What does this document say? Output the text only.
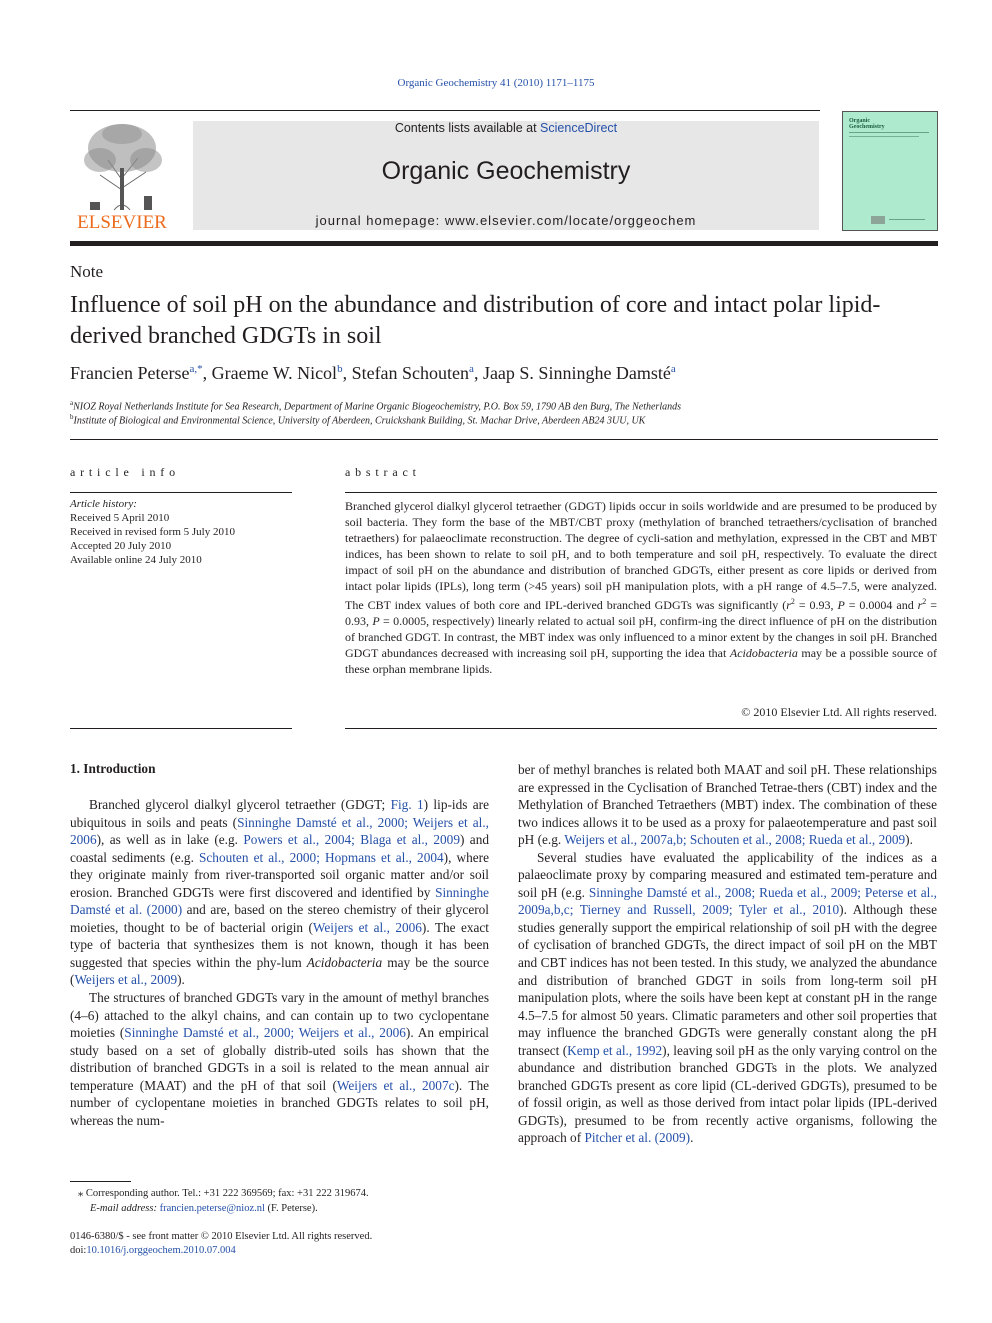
Organic Geochemistry 41 (2010) 1171–1175
ELSEVIER
Contents lists available at ScienceDirect
Organic Geochemistry
journal homepage: www.elsevier.com/locate/orggeochem
Organic
Geochemistry
Note
Influence of soil pH on the abundance and distribution of core and intact polar lipid-derived branched GDGTs in soil
Francien Peterse$^{a,*}$, Graeme W. Nicol$^b$, Stefan Schouten$^a$, Jaap S. Sinninghe Damsté$^a$
$^a$NIOZ Royal Netherlands Institute for Sea Research, Department of Marine Organic Biogeochemistry, P.O. Box 59, 1790 AB den Burg, The Netherlands
$^b$Institute of Biological and Environmental Science, University of Aberdeen, Cruickshank Building, St. Machar Drive, Aberdeen AB24 3UU, UK
article info
Article history:
Received 5 April 2010
Received in revised form 5 July 2010
Accepted 20 July 2010
Available online 24 July 2010
abstract
Branched glycerol dialkyl glycerol tetraether (GDGT) lipids occur in soils worldwide and are presumed to be produced by soil bacteria. They form the base of the MBT/CBT proxy (methylation of branched tetraethers/cyclisation of branched tetraethers) for palaeoclimate reconstruction. The degree of cycli-sation and methylation, expressed in the CBT and MBT indices, has been shown to relate to soil pH, and to both temperature and soil pH, respectively. To evaluate the direct impact of soil pH on the abundance and distribution of branched GDGTs, either present as core lipids or derived from intact polar lipids (IPLs), long term (>45 years) soil pH manipulation plots, with a pH range of 4.5–7.5, were analyzed. The CBT index values of both core and IPL-derived branched GDGTs was significantly ($r^2 = 0.93$, P = 0.0004 and $r^2 = 0.93$, P = 0.0005, respectively) linearly related to actual soil pH, confirm-ing the direct influence of pH on the distribution of branched GDGT. In contrast, the MBT index was only influenced to a minor extent by the changes in soil pH. Branched GDGT abundances decreased with increasing soil pH, supporting the idea that Acidobacteria may be a possible source of these orphan membrane lipids.
© 2010 Elsevier Ltd. All rights reserved.
1. Introduction

Branched glycerol dialkyl glycerol tetraether (GDGT; Fig. 1) lip-ids are ubiquitous in soils and peats (Sinninghe Damsté et al., 2000; Weijers et al., 2006), as well as in lake (e.g. Powers et al., 2004; Blaga et al., 2009) and coastal sediments (e.g. Schouten et al., 2000; Hopmans et al., 2004), where they originate mainly from river-transported soil organic matter and/or soil erosion. Branched GDGTs were first discovered and identified by Sinninghe Damsté et al. (2000) and are, based on the stereo chemistry of their glycerol moieties, thought to be of bacterial origin (Weijers et al., 2006). The exact type of bacteria that synthesizes them is not known, though it has been suggested that species within the phy-lum Acidobacteria may be the source (Weijers et al., 2009).

The structures of branched GDGTs vary in the amount of methyl branches (4–6) attached to the alkyl chains, and can contain up to two cyclopentane moieties (Sinninghe Damsté et al., 2000; Weijers et al., 2006). An empirical study based on a set of globally distrib-uted soils has shown that the distribution of branched GDGTs in a soil is related to the mean annual air temperature (MAAT) and the pH of that soil (Weijers et al., 2007c). The number of cyclopentane moieties in branched GDGTs relates to soil pH, whereas the num-

ber of methyl branches is related both MAAT and soil pH. These relationships are expressed in the Cyclisation of Branched Tetrae-thers (CBT) index and the Methylation of Branched Tetraethers (MBT) index. The combination of these two indices allows it to be used as a proxy for palaeotemperature and past soil pH (e.g. Weijers et al., 2007a,b; Schouten et al., 2008; Rueda et al., 2009).

Several studies have evaluated the applicability of the indices as a palaeoclimate proxy by comparing measured and estimated tem-perature and soil pH (e.g. Sinninghe Damsté et al., 2008; Rueda et al., 2009; Peterse et al., 2009a,b,c; Tierney and Russell, 2009; Tyler et al., 2010). Although these studies generally support the empirical relationship of soil pH with the degree of cyclisation of branched GDGTs, the direct impact of soil pH on the MBT and CBT indices has not been tested. In this study, we analyzed the abundance and distribution of branched GDGT in soils from long-term soil pH manipulation plots, where the soils have been kept at constant pH in the range 4.5–7.5 for almost 50 years. Climatic parameters and other soil properties that may influence the branched GDGTs were generally constant along the pH transect (Kemp et al., 1992), leaving soil pH as the only varying control on the abundance and distribution branched GDGTs in the plots. We analyzed branched GDGTs present as core lipid (CL-derived GDGTs), presumed to be of fossil origin, as well as those derived from intact polar lipids (IPL-derived GDGTs), presumed to be from recently active organisms, following the approach of Pitcher et al. (2009).

⁎ Corresponding author. Tel.: +31 222 369569; fax: +31 222 319674.
E-mail address: francien.peterse@nioz.nl (F. Peterse).
0146-6380/$ - see front matter © 2010 Elsevier Ltd. All rights reserved.
doi:10.1016/j.orggeochem.2010.07.004
